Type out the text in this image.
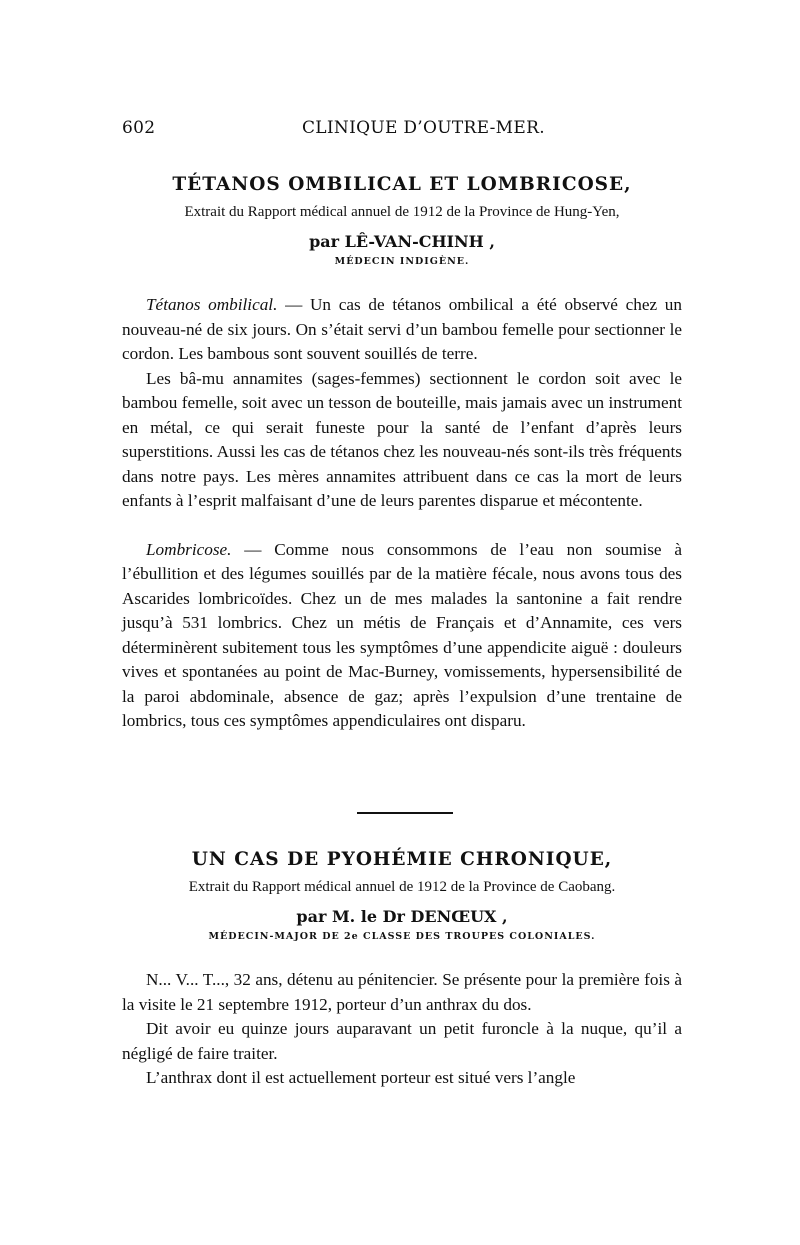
602	CLINIQUE D’OUTRE-MER.
TÉTANOS OMBILICAL ET LOMBRICOSE,

Extrait du Rapport médical annuel de 1912 de la Province de Hung-Yen,

par LÊ-VAN-CHINH ,

MÉDECIN INDIGÈNE.

Tétanos ombilical. — Un cas de tétanos ombilical a été observé chez un nouveau-né de six jours. On s’était servi d’un bambou femelle pour sectionner le cordon. Les bambous sont souvent souillés de terre.

Les bâ-mu annamites (sages-femmes) sectionnent le cordon soit avec le bambou femelle, soit avec un tesson de bouteille, mais jamais avec un instrument en métal, ce qui serait funeste pour la santé de l’enfant d’après leurs superstitions. Aussi les cas de tétanos chez les nouveau-nés sont-ils très fréquents dans notre pays. Les mères annamites attribuent dans ce cas la mort de leurs enfants à l’esprit malfaisant d’une de leurs parentes disparue et mécontente.

Lombricose. — Comme nous consommons de l’eau non soumise à l’ébullition et des légumes souillés par de la matière fécale, nous avons tous des Ascarides lombricoïdes. Chez un de mes malades la santonine a fait rendre jusqu’à 531 lombrics. Chez un métis de Français et d’Annamite, ces vers déterminèrent subitement tous les symptômes d’une appendicite aiguë : douleurs vives et spontanées au point de Mac-Burney, vomissements, hypersensibilité de la paroi abdominale, absence de gaz; après l’expulsion d’une trentaine de lombrics, tous ces symptômes appendiculaires ont disparu.

UN CAS DE PYOHÉMIE CHRONIQUE,

Extrait du Rapport médical annuel de 1912 de la Province de Caobang.

par M. le Dr DENŒUX ,

MÉDECIN-MAJOR DE 2e CLASSE DES TROUPES COLONIALES.

N... V... T..., 32 ans, détenu au pénitencier. Se présente pour la première fois à la visite le 21 septembre 1912, porteur d’un anthrax du dos.

Dit avoir eu quinze jours auparavant un petit furoncle à la nuque, qu’il a négligé de faire traiter.

L’anthrax dont il est actuellement porteur est situé vers l’angle
